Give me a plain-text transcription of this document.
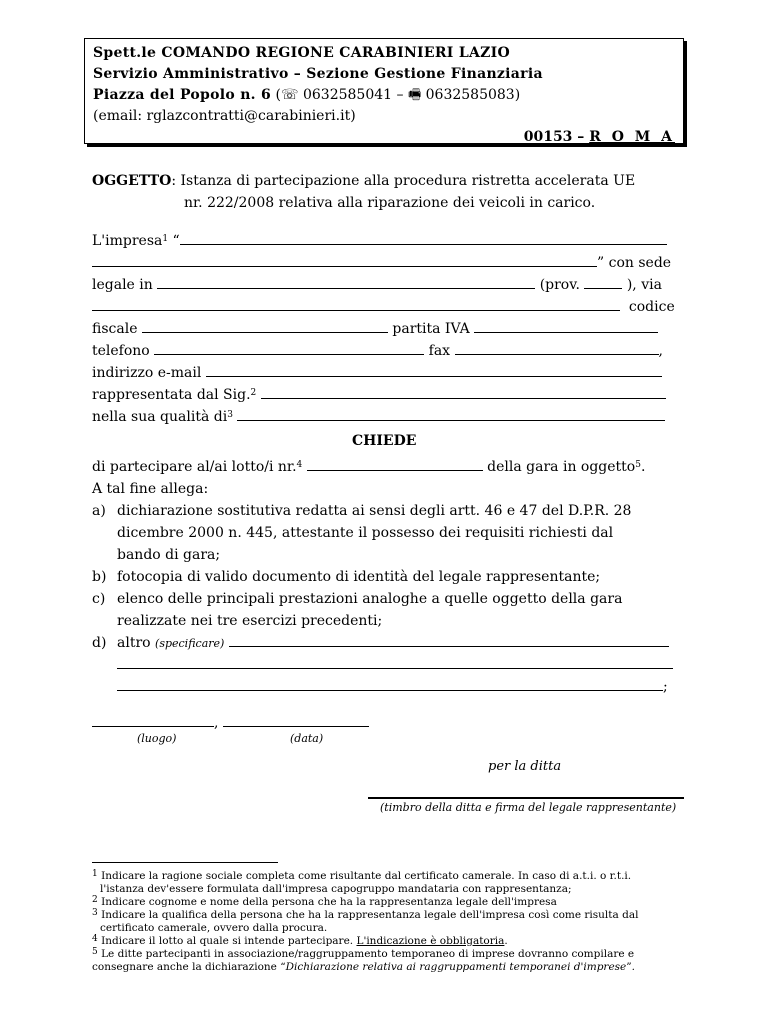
Spett.le COMANDO REGIONE CARABINIERI LAZIO
Servizio Amministrativo – Sezione Gestione Finanziaria
Piazza del Popolo n. 6 (☏ 0632585041 – 🖷 0632585083)
(email: rglazcontratti@carabinieri.it)
00153 – R O M A
OGGETTO: Istanza di partecipazione alla procedura ristretta accelerata UE
nr. 222/2008 relativa alla riparazione dei veicoli in carico.
L'impresa$^1$ “
” con sede
legale in	(prov.	), via
codice
fiscale	partita IVA
telefono	fax	,
indirizzo e-mail
rappresentata dal Sig.$^2$
nella sua qualità $di^3$
CHIEDE
di partecipare al/ai lotto/i nr.$^4$	della gara in oggetto$^5$.
A tal fine allega:
a) dichiarazione sostitutiva redatta ai sensi degli artt. 46 e 47 del D.P.R. 28
dicembre 2000 n. 445, attestante il possesso dei requisiti richiesti dal
bando di gara;
b) fotocopia di valido documento di identità del legale rappresentante;
c) elenco delle principali prestazioni analoghe a quelle oggetto della gara
realizzate nei tre esercizi precedenti;
d) altro (specificare)
;
,
(luogo)	(data)
per la ditta
(timbro della ditta e firma del legale rappresentante)
$^1$ Indicare la ragione sociale completa come risultante dal certificato camerale. In caso di a.t.i. o r.t.i.
l'istanza dev'essere formulata dall'impresa capogruppo mandataria con rappresentanza;
$^2$ Indicare cognome e nome della persona che ha la rappresentanza legale dell'impresa
$^3$ Indicare la qualifica della persona che ha la rappresentanza legale dell'impresa così come risulta dal
certificato camerale, ovvero dalla procura.
$^4$ Indicare il lotto al quale si intende partecipare. L'indicazione è obbligatoria.
$^5$ Le ditte partecipanti in associazione/raggruppamento temporaneo di imprese dovranno compilare e
consegnare anche la dichiarazione “Dichiarazione relativa ai raggruppamenti temporanei d'imprese”.
